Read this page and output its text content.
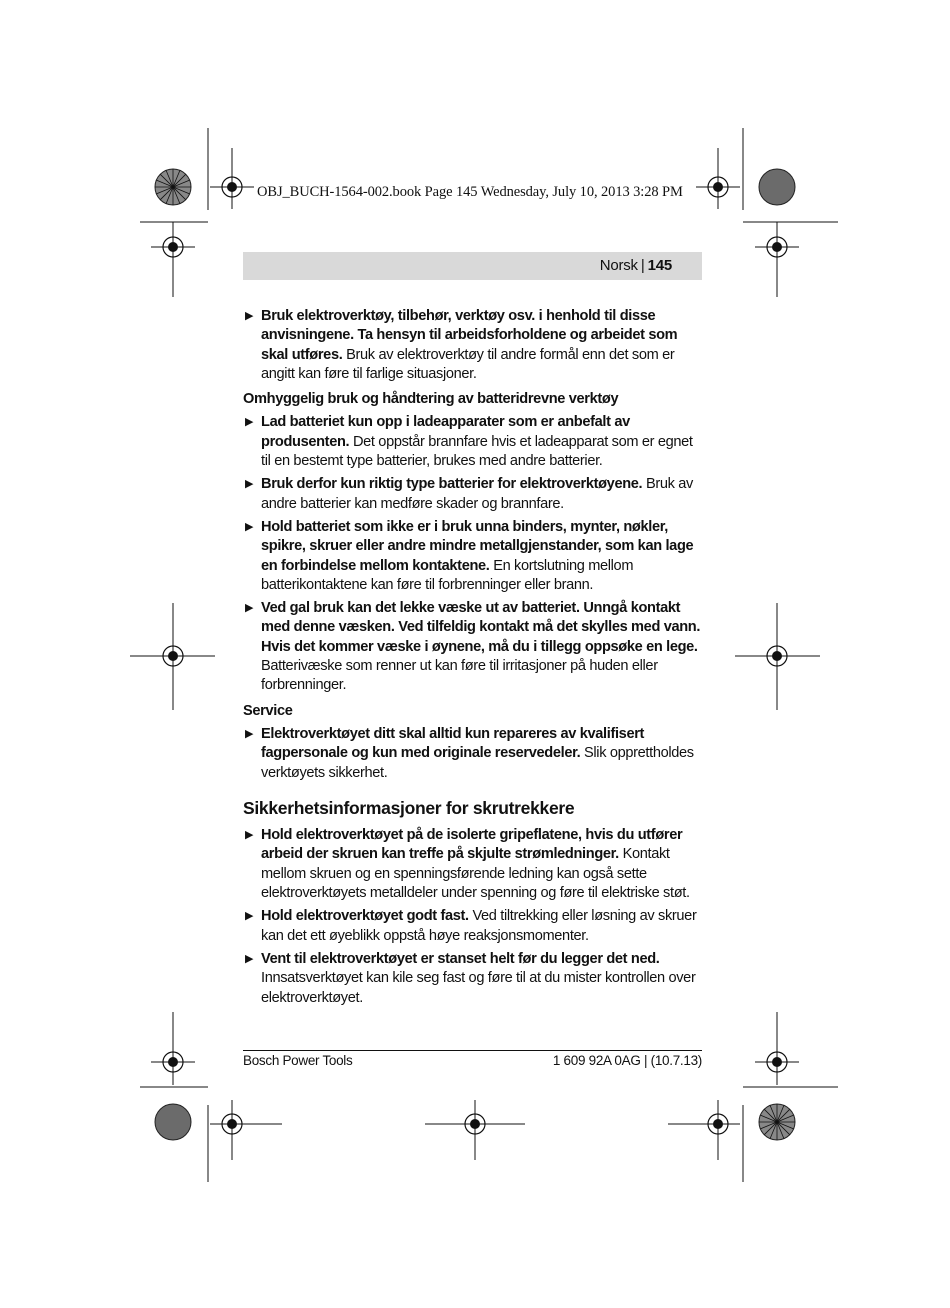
OBJ_BUCH-1564-002.book Page 145 Wednesday, July 10, 2013 3:28 PM
Norsk | 145
▶ Bruk elektroverktøy, tilbehør, verktøy osv. i henhold til disse anvisningene. Ta hensyn til arbeidsforholdene og arbeidet som skal utføres. Bruk av elektroverktøy til andre formål enn det som er angitt kan føre til farlige situasjoner.
Omhyggelig bruk og håndtering av batteridrevne verktøy
▶ Lad batteriet kun opp i ladeapparater som er anbefalt av produsenten. Det oppstår brannfare hvis et ladeapparat som er egnet til en bestemt type batterier, brukes med andre batterier.
▶ Bruk derfor kun riktig type batterier for elektroverktøyene. Bruk av andre batterier kan medføre skader og brannfare.
▶ Hold batteriet som ikke er i bruk unna binders, mynter, nøkler, spikre, skruer eller andre mindre metallgjenstander, som kan lage en forbindelse mellom kontaktene. En kortslutning mellom batterikontaktene kan føre til forbrenninger eller brann.
▶ Ved gal bruk kan det lekke væske ut av batteriet. Unngå kontakt med denne væsken. Ved tilfeldig kontakt må det skylles med vann. Hvis det kommer væske i øynene, må du i tillegg oppsøke en lege. Batterivæske som renner ut kan føre til irritasjoner på huden eller forbrenninger.
Service
▶ Elektroverktøyet ditt skal alltid kun repareres av kvalifisert fagpersonale og kun med originale reservedeler. Slik opprettholdes verktøyets sikkerhet.
Sikkerhetsinformasjoner for skrutrekkere
▶ Hold elektroverktøyet på de isolerte gripeflatene, hvis du utfører arbeid der skruen kan treffe på skjulte strømledninger. Kontakt mellom skruen og en spenningsførende ledning kan også sette elektroverktøyets metalldeler under spenning og føre til elektriske støt.
▶ Hold elektroverktøyet godt fast. Ved tiltrekking eller løsning av skruer kan det ett øyeblikk oppstå høye reaksjonsmomenter.
▶ Vent til elektroverktøyet er stanset helt før du legger det ned. Innsatsverktøyet kan kile seg fast og føre til at du mister kontrollen over elektroverktøyet.
Bosch Power Tools	1 609 92A 0AG | (10.7.13)
